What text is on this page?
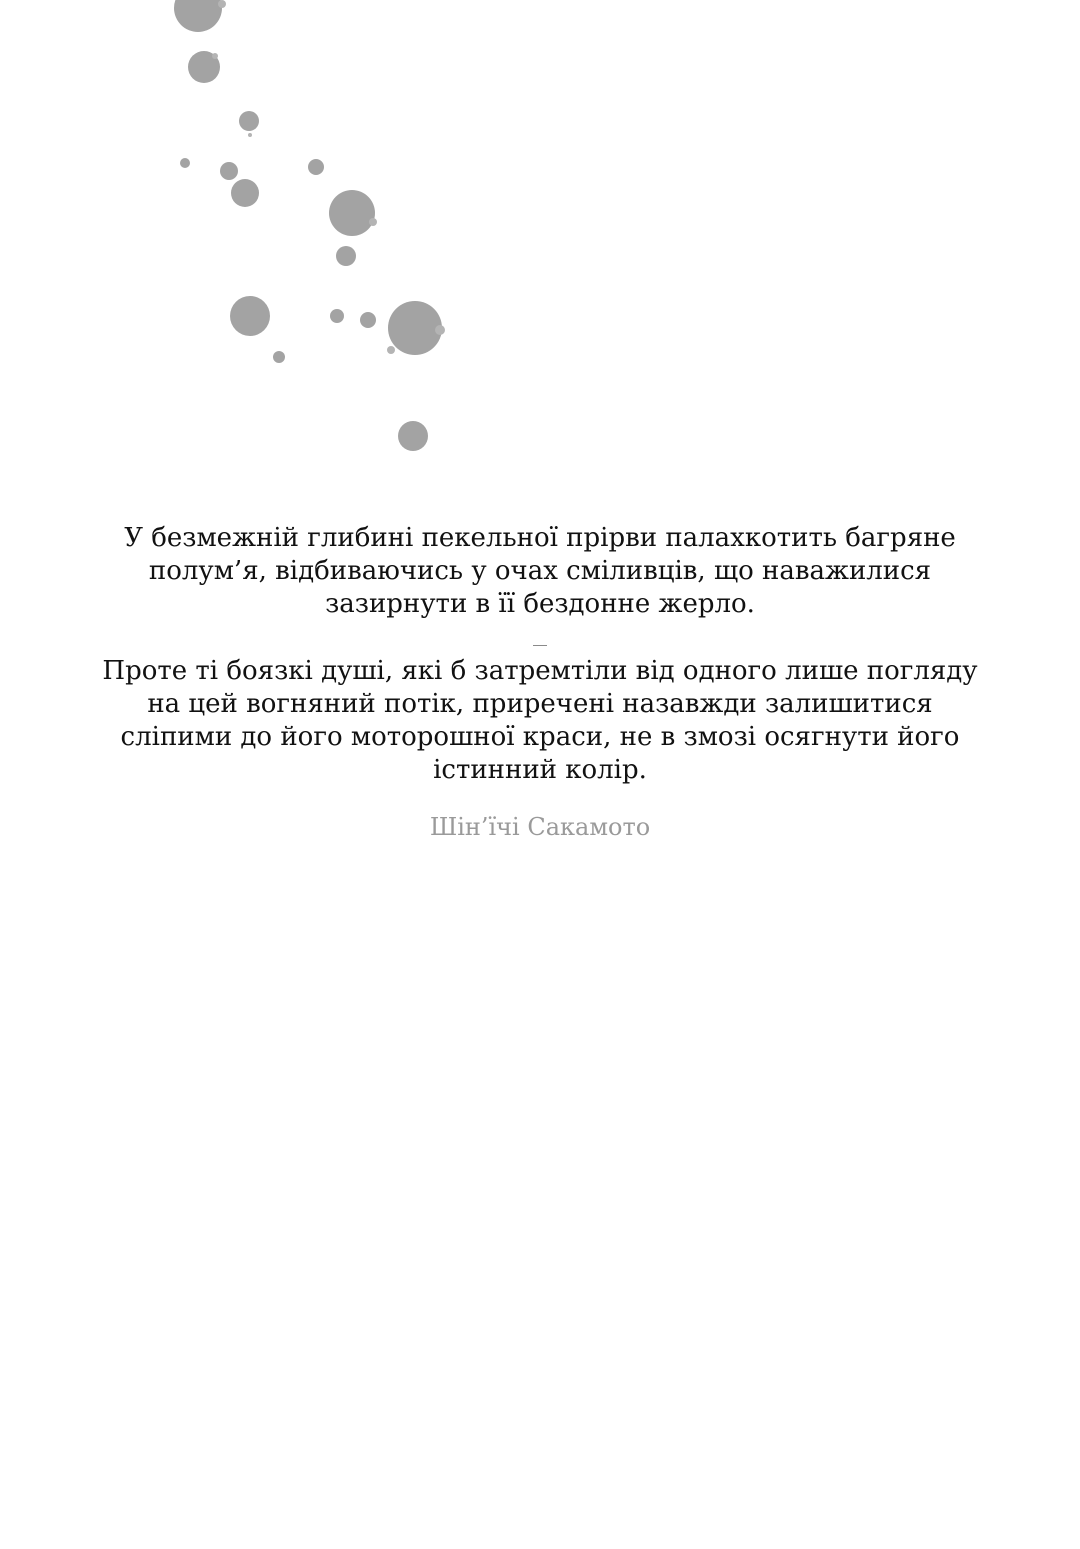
У безмежній глибині пекельної прірви палахкотить багряне полум’я, відбиваючись у очах сміливців, що наважилися зазирнути в її бездонне жерло.

Проте ті боязкі душі, які б затремтіли від одного лише погляду на цей вогняний потік, приречені назавжди залишитися сліпими до його моторошної краси, не в змозі осягнути його істинний колір.

Шін’їчі Сакамото
